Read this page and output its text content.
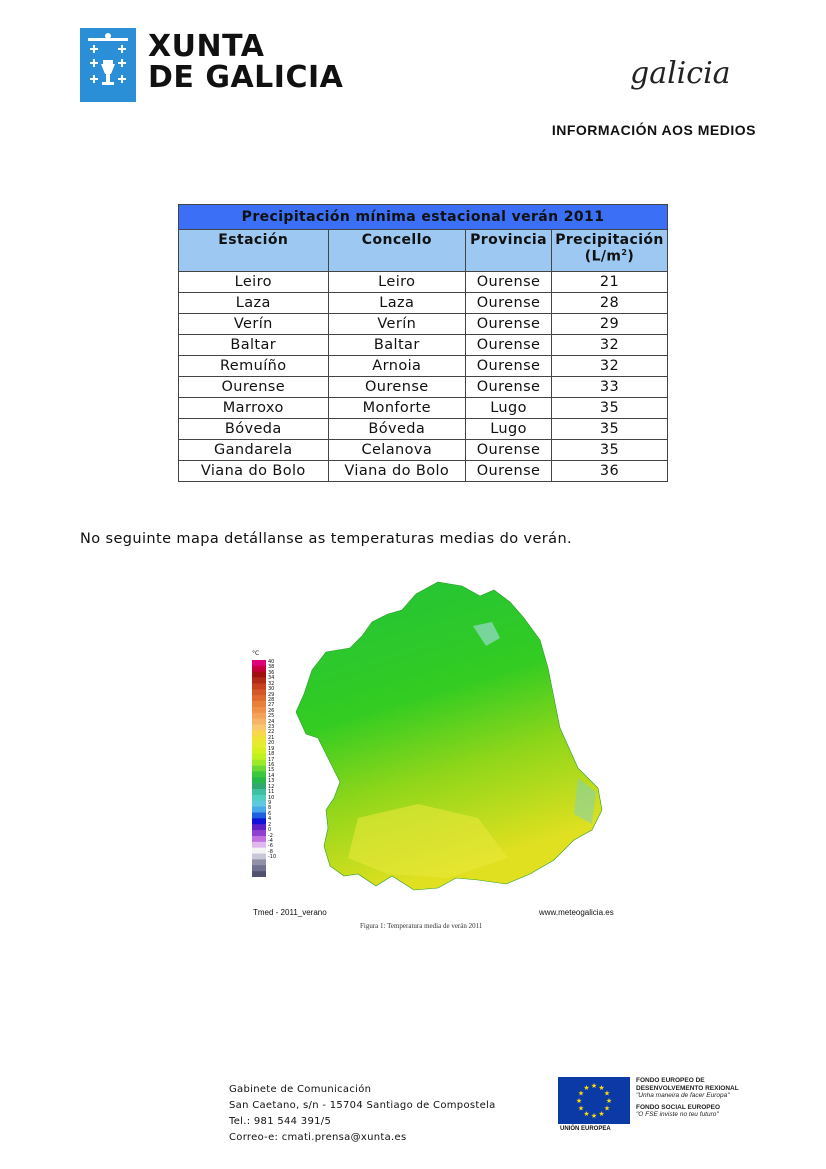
XUNTA
DE GALICIA	galicia
INFORMACIÓN AOS MEDIOS
Precipitación mínima estacional verán 2011			
Estación	Concello	Provincia	Precipitación
$(L/m^2)$

Leiro	Leiro	Ourense	21
Laza	Laza	Ourense	28
Verín	Verín	Ourense	29
Baltar	Baltar	Ourense	32
Remuíño	Arnoia	Ourense	32
Ourense	Ourense	Ourense	33
Marroxo	Monforte	Lugo	35
Bóveda	Bóveda	Lugo	35
Gandarela	Celanova	Ourense	35
Viana do Bolo	Viana do Bolo	Ourense	36
No seguinte mapa detállanse as temperaturas medias do verán.
°C
40
38
36
34
32
30
29
28
27
26
25
24
23
22
21
20
19
18
17
16
15
14
13
12
11
10
9
8
6
4
2
0
-2
-4
-6
-8
-10
Tmed - 2011_verano	www.meteogalicia.es
Figura 1: Temperatura media de verán 2011
Gabinete de Comunicación
San Caetano, s/n - 15704 Santiago de Compostela
Tel.: 981 544 391/5
Correo-e: cmati.prensa@xunta.es
★
★
★
★
★
★
★
★
★ ★ ★
★
UNIÓN EUROPEA
FONDO EUROPEO DE
DESENVOLVEMENTO REXIONAL
"Unha maneira de facer Europa"
FONDO SOCIAL EUROPEO
"O FSE inviste no teu futuro"
